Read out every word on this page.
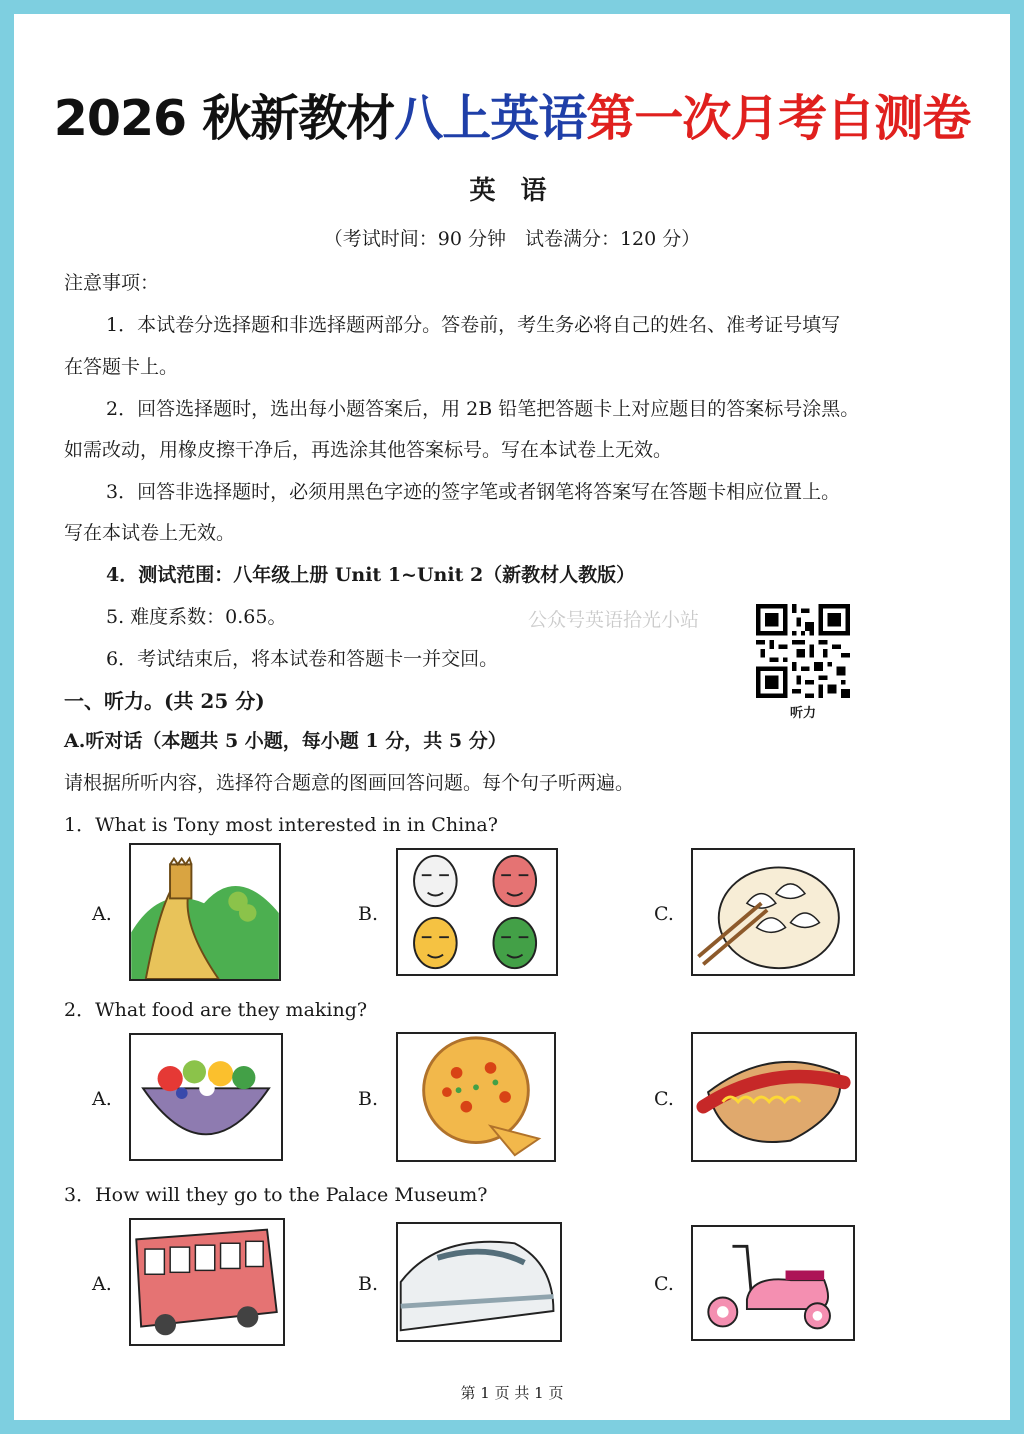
2026 秋新教材八上英语第一次月考自测卷
英 语
（考试时间：90 分钟　试卷满分：120 分）
注意事项：
1．本试卷分选择题和非选择题两部分。答卷前，考生务必将自己的姓名、准考证号填写
在答题卡上。
2．回答选择题时，选出每小题答案后，用 2B 铅笔把答题卡上对应题目的答案标号涂黑。
如需改动，用橡皮擦干净后，再选涂其他答案标号。写在本试卷上无效。
3．回答非选择题时，必须用黑色字迹的签字笔或者钢笔将答案写在答题卡相应位置上。
写在本试卷上无效。
4．测试范围：八年级上册 Unit 1~Unit 2（新教材人教版）
5. 难度系数：0.65。
6．考试结束后，将本试卷和答题卡一并交回。
公众号英语拾光小站
听力
一、听力。(共 25 分)
A.听对话（本题共 5 小题，每小题 1 分，共 5 分）
请根据所听内容，选择符合题意的图画回答问题。每个句子听两遍。
1．What is Tony most interested in in China?
A.	B.	C.
2．What food are they making?
A.	B.	C.
3．How will they go to the Palace Museum?
A.	B.	C.
第 1 页 共 1 页
